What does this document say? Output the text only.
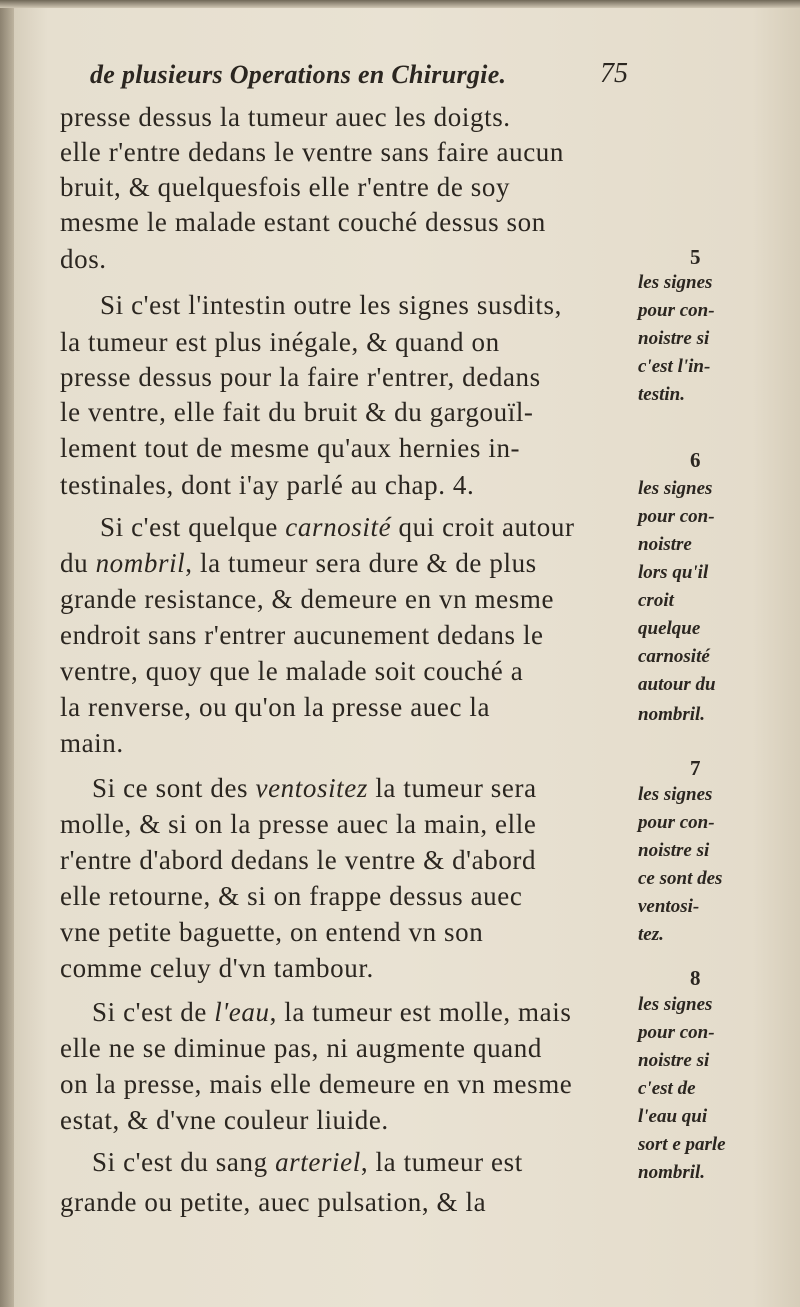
de plusieurs Operations en Chirurgie.	75
presse dessus la tumeur auec les doigts.
elle r'entre dedans le ventre sans faire aucun
bruit, & quelquesfois elle r'entre de soy
mesme le malade estant couché dessus son
dos.
Si c'est l'intestin outre les signes susdits,
la tumeur est plus inégale, & quand on
presse dessus pour la faire r'entrer, dedans
le ventre, elle fait du bruit & du gargouïl-
lement tout de mesme qu'aux hernies in-
testinales, dont i'ay parlé au chap. 4.
Si c'est quelque carnosité qui croit autour
du nombril, la tumeur sera dure & de plus
grande resistance, & demeure en vn mesme
endroit sans r'entrer aucunement dedans le
ventre, quoy que le malade soit couché a
la renverse, ou qu'on la presse auec la
main.
Si ce sont des ventositez la tumeur sera
molle, & si on la presse auec la main, elle
r'entre d'abord dedans le ventre & d'abord
elle retourne, & si on frappe dessus auec
vne petite baguette, on entend vn son
comme celuy d'vn tambour.
Si c'est de l'eau, la tumeur est molle, mais
elle ne se diminue pas, ni augmente quand
on la presse, mais elle demeure en vn mesme
estat, & d'vne couleur liuide.
Si c'est du sang arteriel, la tumeur est
grande ou petite, auec pulsation, & la
5
les signes
pour con-
noistre si
c'est l'in-
testin.
6
les signes
pour con-
noistre
lors qu'il
croit
quelque
carnosité
autour du
nombril.
7
les signes
pour con-
noistre si
ce sont des
ventosi-
tez.
8
les signes
pour con-
noistre si
c'est de
l'eau qui
sort e parle
nombril.
